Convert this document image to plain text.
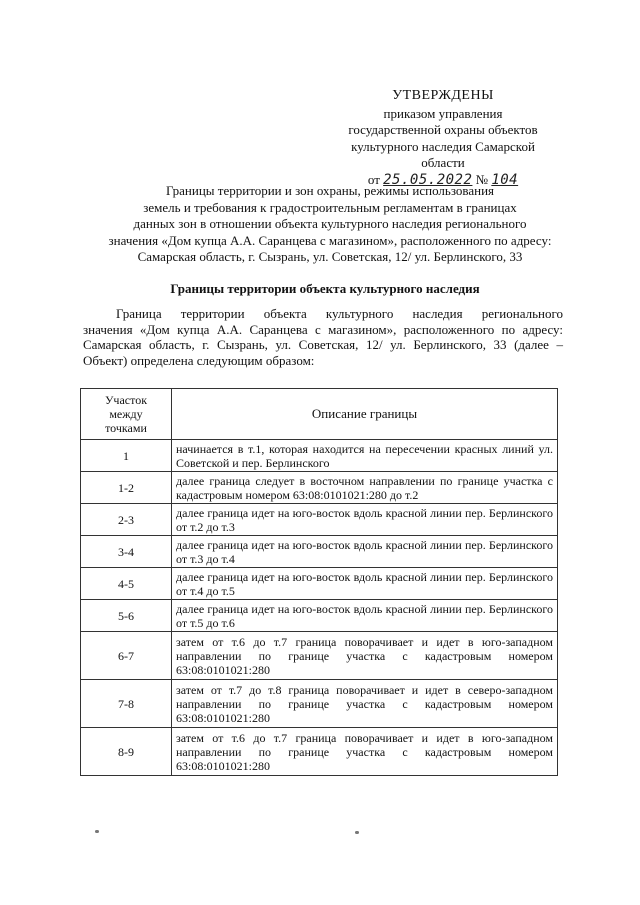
УТВЕРЖДЕНЫ
приказом управления
государственной охраны объектов
культурного наследия Самарской области
от 25.05.2022 № 104
Границы территории и зон охраны, режимы использования
земель и требования к градостроительным регламентам в границах
данных зон в отношении объекта культурного наследия регионального
значения «Дом купца А.А. Саранцева с магазином», расположенного по адресу:
Самарская область, г. Сызрань, ул. Советская, 12/ ул. Берлинского, 33
Границы территории объекта культурного наследия
Граница территории объекта культурного наследия регионального
значения «Дом купца А.А. Саранцева с магазином», расположенного по адресу:
Самарская область, г. Сызрань, ул. Советская, 12/ ул. Берлинского, 33 (далее –
Объект) определена следующим образом:
Участок
между
точками	Описание границы
1	начинается в т.1, которая находится на пересечении красных линий ул. Советской и пер. Берлинского
1-2	далее граница следует в восточном направлении по границе участка с кадастровым номером 63:08:0101021:280 до т.2
2-3	далее граница идет на юго-восток вдоль красной линии пер. Берлинского от т.2 до т.3
3-4	далее граница идет на юго-восток вдоль красной линии пер. Берлинского от т.3 до т.4
4-5	далее граница идет на юго-восток вдоль красной линии пер. Берлинского от т.4 до т.5
5-6	далее граница идет на юго-восток вдоль красной линии пер. Берлинского от т.5 до т.6
6-7	затем от т.6 до т.7 граница поворачивает и идет в юго-западном направлении по границе участка с кадастровым номером 63:08:0101021:280
7-8	затем от т.7 до т.8 граница поворачивает и идет в северо-западном направлении по границе участка с кадастровым номером 63:08:0101021:280
8-9	затем от т.6 до т.7 граница поворачивает и идет в юго-западном направлении по границе участка с кадастровым номером 63:08:0101021:280
